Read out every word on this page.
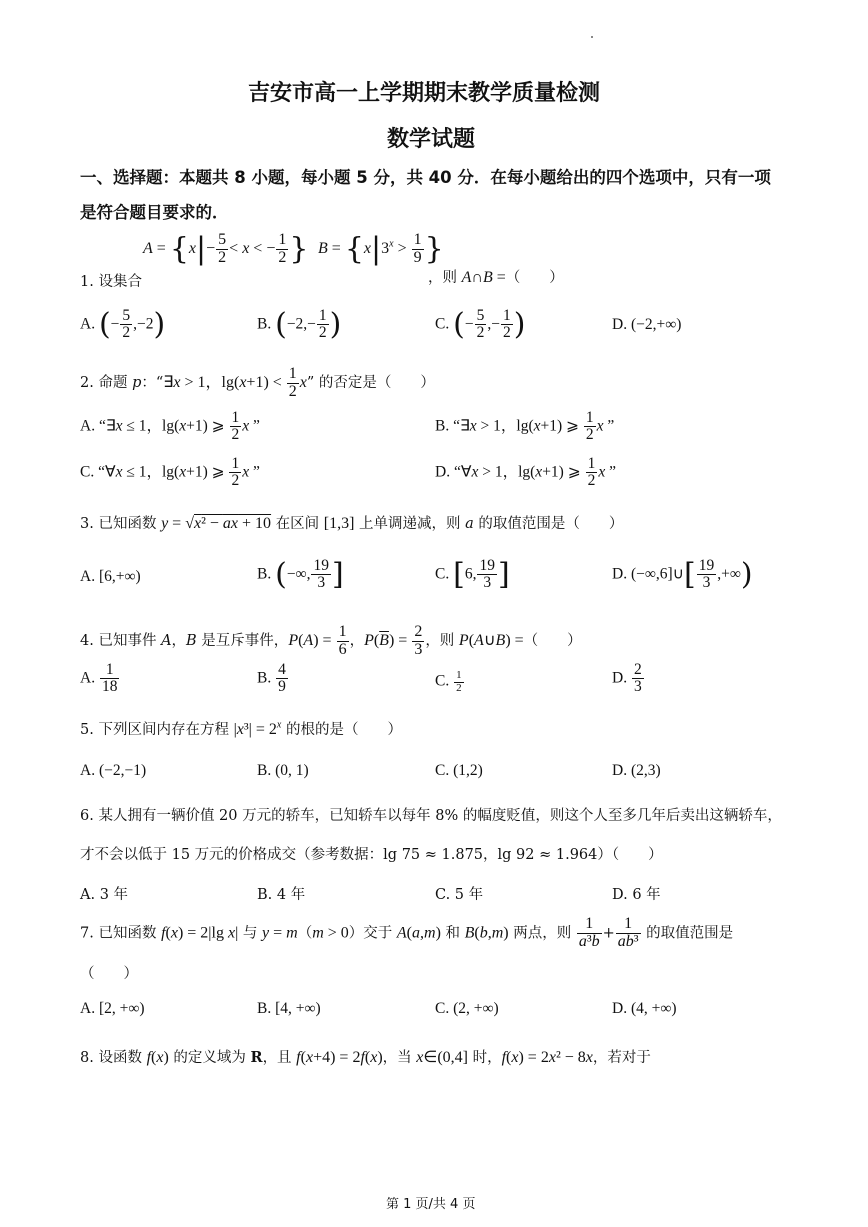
吉安市高一上学期期末教学质量检测
数学试题
一、选择题：本题共 8 小题，每小题 5 分，共 40 分．在每小题给出的四个选项中，只有一项
是符合题目要求的．
$A = \{x|- \frac{5}{2} < x$ < − $\frac{1}{2}$ } $B = \{x|3^x > \frac{1}{9}$ }
1. 设集合	，则 A∩B =（　　）
A. (− $\frac{5}{2} ,-2$)	B. ($-2,- \frac{1}{2}$ )	C. (− $\frac{5}{2}$ ,− $\frac{1}{2}$ )	D. (−2,+∞)
2. 命题 p：“∃x > 1，$\lg(x+1) < \frac{1}{2} x$” 的否定是（　　）
A. “∃x ≤ 1，lg(x+1) ⩾ $\frac{1}{2}$ x ”	B. “∃x > 1，lg(x+1) ⩾ $\frac{1}{2}$ x ”
C. “∀x ≤ 1，lg(x+1) ⩾ $\frac{1}{2}$ x ”	D. “∀x > 1，lg(x+1) ⩾ $\frac{1}{2}$ x ”
3. 已知函数 y = √x² − ax + 10 在区间 [1,3] 上单调递减，则 a 的取值范围是（　　）
A. [6,+∞)	B. (−∞, $\frac{19}{3}$ ]	C. [6, $\frac{19}{3}$ ]	D. (−∞,6]∪[ $\frac{19}{3}$ ,+∞)
4. 已知事件 A，B 是互斥事件，$P(A) = \frac{1}{6}$ ，$P(\overline{B}) = \frac{2}{3}$ ，则 P(A∪B) =（　　）
A. $\frac{1}{18}$	B. $\frac{4}{9}$	C. $\frac{1}{2}$	D. $\frac{2}{3}$
5. 下列区间内存在方程 $|x^3| = 2^x$ 的根的是（　　）
A. (−2,−1)	B. (0, 1)	C. (1,2)	D. (2,3)
6. 某人拥有一辆价值 20 万元的轿车，已知轿车以每年 8% 的幅度贬值，则这个人至多几年后卖出这辆轿车，
才不会以低于 15 万元的价格成交（参考数据：lg 75 ≈ 1.875，lg 92 ≈ 1.964）（　　）
A. 3 年	B. 4 年	C. 5 年	D. 6 年
7. 已知函数 f(x) = 2|lg x| 与 y = m（m > 0）交于 A(a,m) 和 B(b,m) 两点，则 $\frac{1}{\text{a³b}} + \frac{1}{\text{ab³}}$ 的取值范围是
（　　）
A. [2, +∞)	B. [4, +∞)	C. (2, +∞)	D. (4, +∞)
8. 设函数 f(x) 的定义域为 R，且 f(x+4) = 2f(x)，当 x∈(0,4] 时，f(x) = 2x² − 8x，若对于
第 1 页/共 4 页
